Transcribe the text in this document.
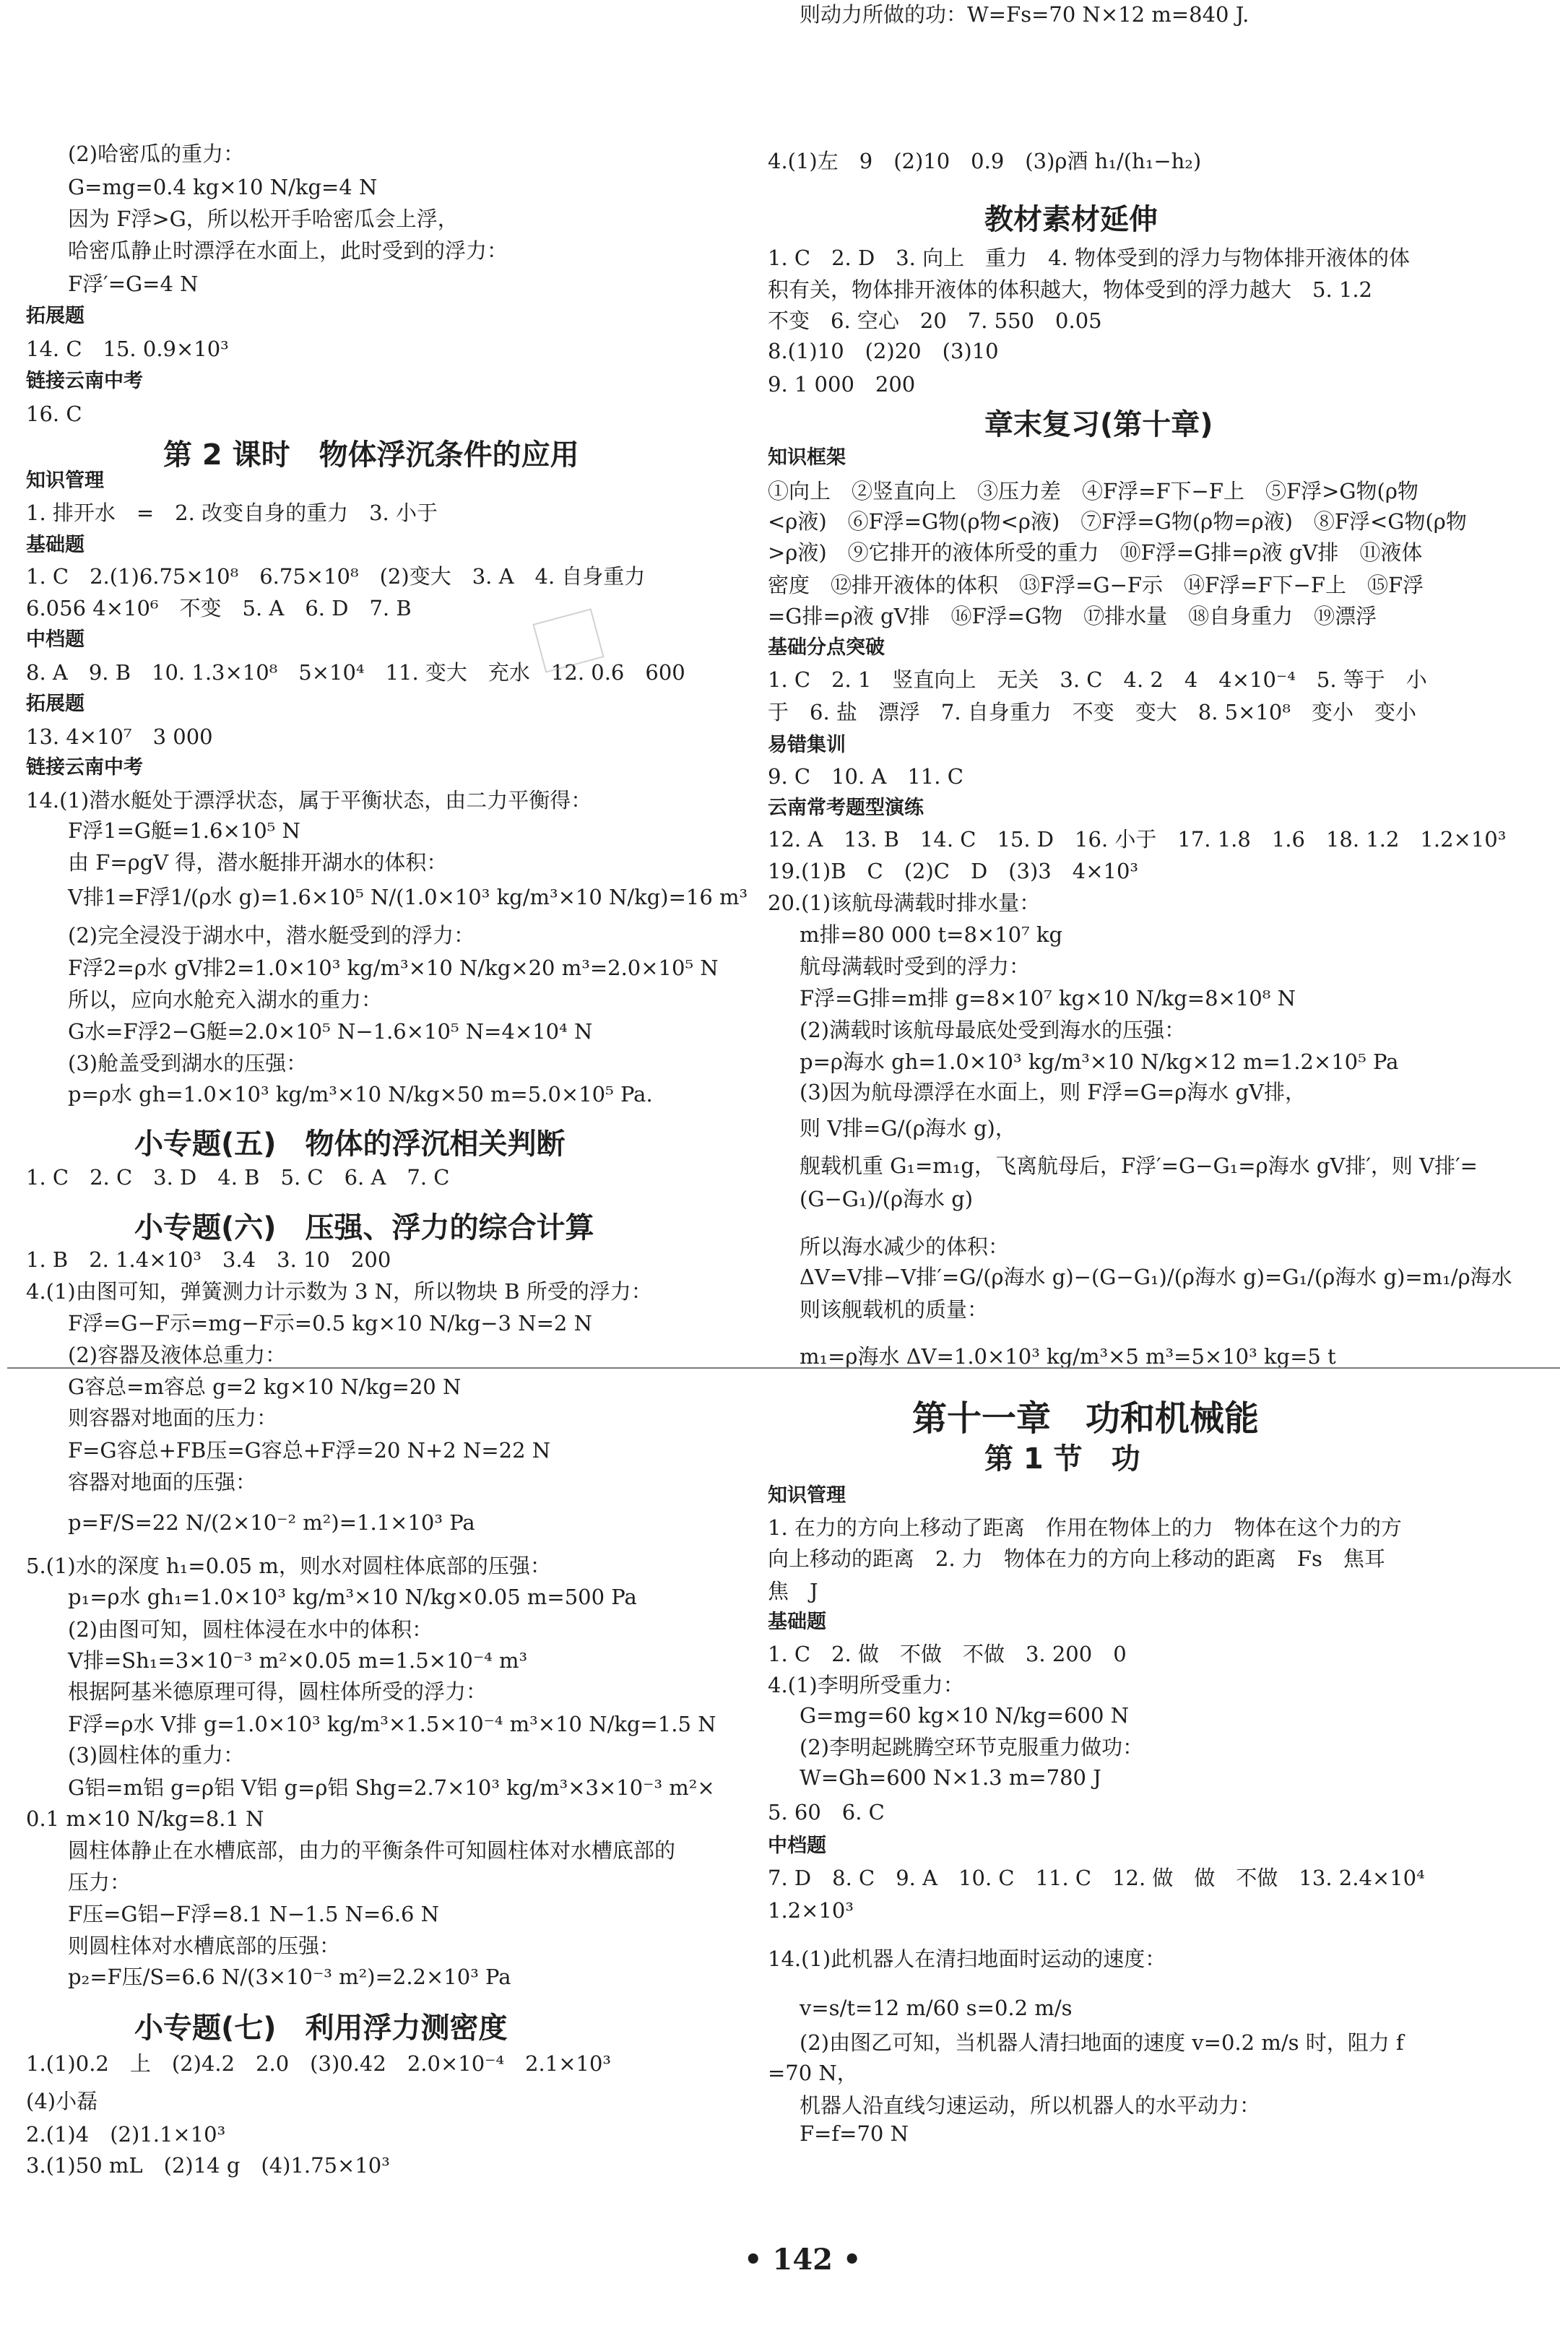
(2)哈密瓜的重力：
G=mg=0.4 kg×10 N/kg=4 N
因为 F浮>G，所以松开手哈密瓜会上浮，
哈密瓜静止时漂浮在水面上，此时受到的浮力：
F浮′=G=4 N
拓展题
14. C　15. 0.9×10³
链接云南中考
16. C
第 2 课时　物体浮沉条件的应用
知识管理
1. 排开水　=　2. 改变自身的重力　3. 小于
基础题
1. C　2.(1)6.75×10⁸　6.75×10⁸　(2)变大　3. A　4. 自身重力
6.056 4×10⁶　不变　5. A　6. D　7. B
中档题
8. A　9. B　10. 1.3×10⁸　5×10⁴　11. 变大　充水　12. 0.6　600
拓展题
13. 4×10⁷　3 000
链接云南中考
14.(1)潜水艇处于漂浮状态，属于平衡状态，由二力平衡得：
F浮1=G艇=1.6×10⁵ N
由 F=ρgV 得，潜水艇排开湖水的体积：
V排1=F浮1/(ρ水 g)=1.6×10⁵ N/(1.0×10³ kg/m³×10 N/kg)=16 m³
(2)完全浸没于湖水中，潜水艇受到的浮力：
F浮2=ρ水 gV排2=1.0×10³ kg/m³×10 N/kg×20 m³=2.0×10⁵ N
所以，应向水舱充入湖水的重力：
G水=F浮2−G艇=2.0×10⁵ N−1.6×10⁵ N=4×10⁴ N
(3)舱盖受到湖水的压强：
p=ρ水 gh=1.0×10³ kg/m³×10 N/kg×50 m=5.0×10⁵ Pa.
小专题(五)　物体的浮沉相关判断
1. C　2. C　3. D　4. B　5. C　6. A　7. C
小专题(六)　压强、浮力的综合计算
1. B　2. 1.4×10³　3.4　3. 10　200
4.(1)由图可知，弹簧测力计示数为 3 N，所以物块 B 所受的浮力：
F浮=G−F示=mg−F示=0.5 kg×10 N/kg−3 N=2 N
(2)容器及液体总重力：
G容总=m容总 g=2 kg×10 N/kg=20 N
则容器对地面的压力：
F=G容总+FB压=G容总+F浮=20 N+2 N=22 N
容器对地面的压强：
p=F/S=22 N/(2×10⁻² m²)=1.1×10³ Pa
5.(1)水的深度 h₁=0.05 m，则水对圆柱体底部的压强：
p₁=ρ水 gh₁=1.0×10³ kg/m³×10 N/kg×0.05 m=500 Pa
(2)由图可知，圆柱体浸在水中的体积：
V排=Sh₁=3×10⁻³ m²×0.05 m=1.5×10⁻⁴ m³
根据阿基米德原理可得，圆柱体所受的浮力：
F浮=ρ水 V排 g=1.0×10³ kg/m³×1.5×10⁻⁴ m³×10 N/kg=1.5 N
(3)圆柱体的重力：
G铝=m铝 g=ρ铝 V铝 g=ρ铝 Shg=2.7×10³ kg/m³×3×10⁻³ m²×
0.1 m×10 N/kg=8.1 N
圆柱体静止在水槽底部，由力的平衡条件可知圆柱体对水槽底部的
压力：
F压=G铝−F浮=8.1 N−1.5 N=6.6 N
则圆柱体对水槽底部的压强：
p₂=F压/S=6.6 N/(3×10⁻³ m²)=2.2×10³ Pa
小专题(七)　利用浮力测密度
1.(1)0.2　上　(2)4.2　2.0　(3)0.42　2.0×10⁻⁴　2.1×10³
(4)小磊
2.(1)4　(2)1.1×10³
3.(1)50 mL　(2)14 g　(4)1.75×10³
4.(1)左　9　(2)10　0.9　(3)ρ酒 h₁/(h₁−h₂)
教材素材延伸
1. C　2. D　3. 向上　重力　4. 物体受到的浮力与物体排开液体的体
积有关，物体排开液体的体积越大，物体受到的浮力越大　5. 1.2
不变　6. 空心　20　7. 550　0.05
8.(1)10　(2)20　(3)10
9. 1 000　200
章末复习(第十章)
知识框架
①向上　②竖直向上　③压力差　④F浮=F下−F上　⑤F浮>G物(ρ物
<ρ液)　⑥F浮=G物(ρ物<ρ液)　⑦F浮=G物(ρ物=ρ液)　⑧F浮<G物(ρ物
>ρ液)　⑨它排开的液体所受的重力　⑩F浮=G排=ρ液 gV排　⑪液体
密度　⑫排开液体的体积　⑬F浮=G−F示　⑭F浮=F下−F上　⑮F浮
=G排=ρ液 gV排　⑯F浮=G物　⑰排水量　⑱自身重力　⑲漂浮
基础分点突破
1. C　2. 1　竖直向上　无关　3. C　4. 2　4　4×10⁻⁴　5. 等于　小
于　6. 盐　漂浮　7. 自身重力　不变　变大　8. 5×10⁸　变小　变小
易错集训
9. C　10. A　11. C
云南常考题型演练
12. A　13. B　14. C　15. D　16. 小于　17. 1.8　1.6　18. 1.2　1.2×10³
19.(1)B　C　(2)C　D　(3)3　4×10³
20.(1)该航母满载时排水量：
m排=80 000 t=8×10⁷ kg
航母满载时受到的浮力：
F浮=G排=m排 g=8×10⁷ kg×10 N/kg=8×10⁸ N
(2)满载时该航母最底处受到海水的压强：
p=ρ海水 gh=1.0×10³ kg/m³×10 N/kg×12 m=1.2×10⁵ Pa
(3)因为航母漂浮在水面上，则 F浮=G=ρ海水 gV排，
则 V排=G/(ρ海水 g)，
舰载机重 G₁=m₁g，飞离航母后，F浮′=G−G₁=ρ海水 gV排′，则 V排′=
(G−G₁)/(ρ海水 g)
所以海水减少的体积：
ΔV=V排−V排′=G/(ρ海水 g)−(G−G₁)/(ρ海水 g)=G₁/(ρ海水 g)=m₁/ρ海水
则该舰载机的质量：
m₁=ρ海水 ΔV=1.0×10³ kg/m³×5 m³=5×10³ kg=5 t
第十一章　功和机械能
第 1 节　功
知识管理
1. 在力的方向上移动了距离　作用在物体上的力　物体在这个力的方
向上移动的距离　2. 力　物体在力的方向上移动的距离　Fs　焦耳
焦　J
基础题
1. C　2. 做　不做　不做　3. 200　0
4.(1)李明所受重力：
G=mg=60 kg×10 N/kg=600 N
(2)李明起跳腾空环节克服重力做功：
W=Gh=600 N×1.3 m=780 J
5. 60　6. C
中档题
7. D　8. C　9. A　10. C　11. C　12. 做　做　不做　13. 2.4×10⁴
1.2×10³
14.(1)此机器人在清扫地面时运动的速度：
v=s/t=12 m/60 s=0.2 m/s
(2)由图乙可知，当机器人清扫地面的速度 v=0.2 m/s 时，阻力 f
=70 N，
机器人沿直线匀速运动，所以机器人的水平动力：
F=f=70 N
则动力所做的功：W=Fs=70 N×12 m=840 J.
• 142 •
